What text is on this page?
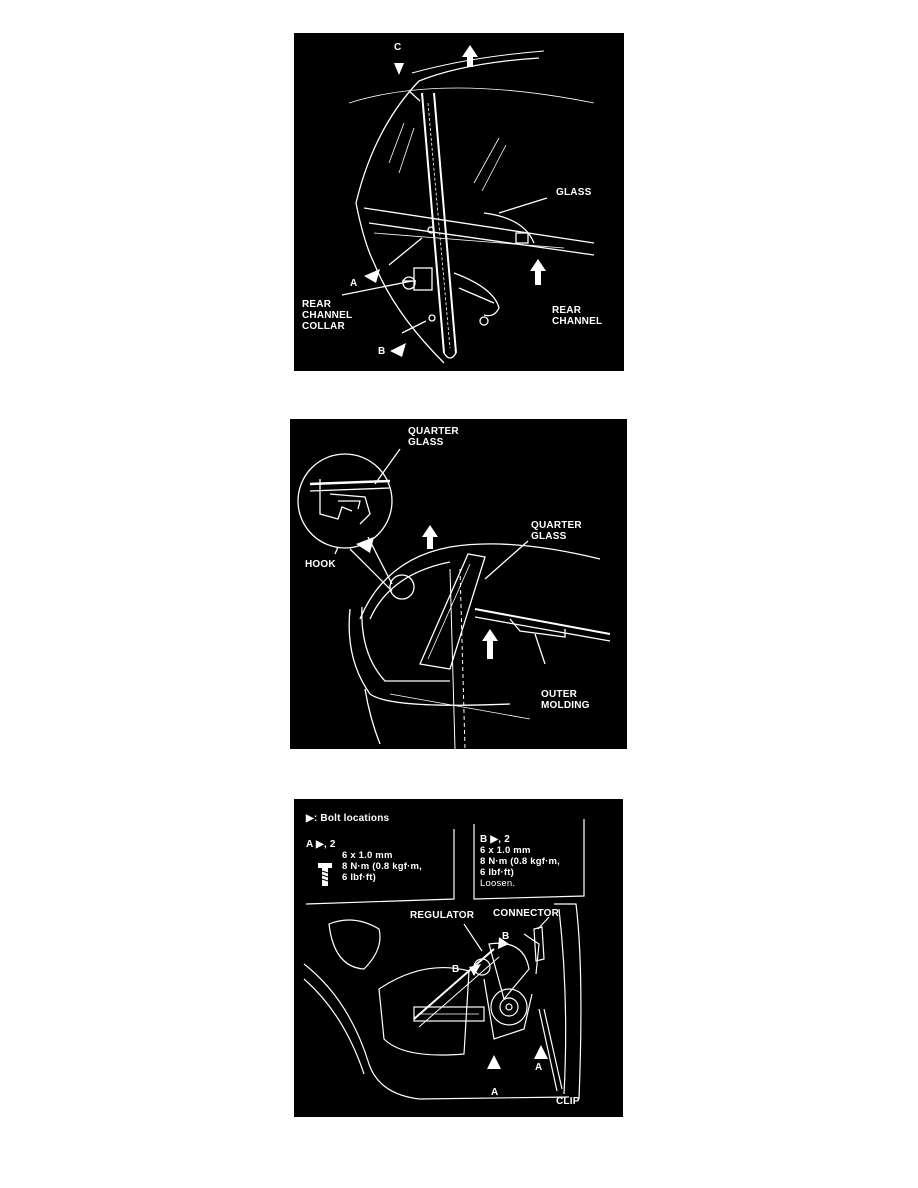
C
GLASS
A
REAR
CHANNEL
COLLAR
REAR
CHANNEL
B
QUARTER
GLASS
QUARTER
GLASS
HOOK
OUTER
MOLDING
▶: Bolt locations
A ▶, 2
6 x 1.0 mm
8 N·m (0.8 kgf·m,
6 lbf·ft)
B ▶, 2
6 x 1.0 mm
8 N·m (0.8 kgf·m,
6 lbf·ft)
Loosen.
REGULATOR CONNECTOR
B
B
A
A
CLIP
